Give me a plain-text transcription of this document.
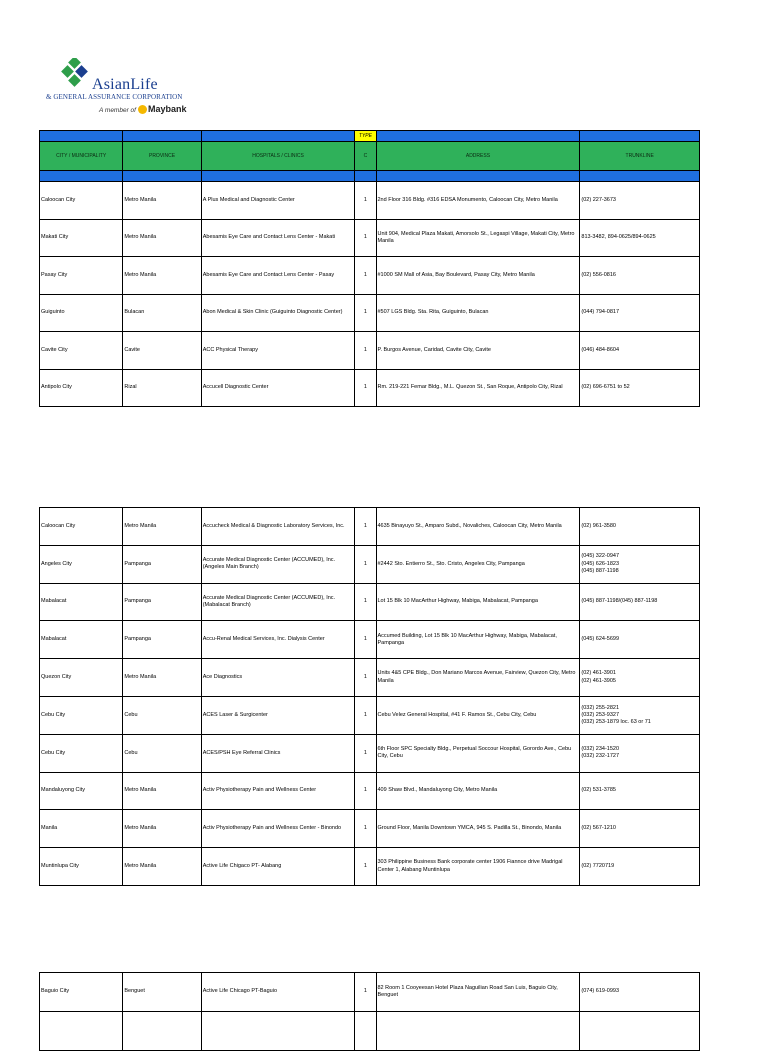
AsianLife
& GENERAL ASSURANCE CORPORATION
A member of	Maybank
			TYPE		
CITY / MUNICIPALITY	PROVINCE	HOSPITALS / CLINICS	C	ADDRESS	TRUNKLINE

Caloocan City	Metro Manila	A Plus Medical and Diagnostic Center	1	2nd Floor 316 Bldg. #316 EDSA Monumento, Caloocan City, Metro Manila	(02) 227-3673
Makati City	Metro Manila	Abesamis Eye Care and Contact Lens Center - Makati	1	Unit 904, Medical Plaza Makati, Amorsolo St., Legaspi Village, Makati City, Metro Manila	813-3482, 894-0625/894-0625
Pasay City	Metro Manila	Abesamis Eye Care and Contact Lens Center - Pasay	1	#1000 SM Mall of Asia, Bay Boulevard, Pasay City, Metro Manila	(02) 556-0816
Guiguinto	Bulacan	Abon Medical & Skin Clinic (Guiguinto Diagnostic Center)	1	#507 LGS Bldg. Sta. Rita, Guiguinto, Bulacan	(044) 794-0817
Cavite City	Cavite	ACC Physical Therapy	1	P. Burgos Avenue, Caridad, Cavite City, Cavite	(046) 484-8604
Antipolo City	Rizal	Accucell Diagnostic Center	1	Rm. 219-221 Femar Bldg., M.L. Quezon St., San Roque, Antipolo City, Rizal	(02) 696-6751 to 52
Caloocan City	Metro Manila	Accucheck Medical & Diagnostic Laboratory Services, Inc.	1	4635 Binayuyo St., Amparo Subd., Novaliches, Caloocan City, Metro Manila	(02) 961-3580
Angeles City	Pampanga	Accurate Medical Diagnostic Center (ACCUMED), Inc. (Angeles Main Branch)	1	#2442 Sto. Entierro St., Sto. Cristo, Angeles City, Pampanga	(045) 322-0947
(045) 626-1823
(045) 887-1198
Mabalacat	Pampanga	Accurate Medical Diagnostic Center (ACCUMED), Inc. (Mabalacat Branch)	1	Lot 15 Blk 10 MacArthur Highway, Mabiga, Mabalacat, Pampanga	(045) 887-1198/(045) 887-1198
Mabalacat	Pampanga	Accu-Renal Medical Services, Inc. Dialysis Center	1	Accumed Building, Lot 15 Blk 10 MacArthur Highway, Mabiga, Mabalacat, Pampanga	(045) 624-5699
Quezon City	Metro Manila	Ace Diagnostics	1	Units 4&5 CPE Bldg., Don Mariano Marcos Avenue, Fairview, Quezon City, Metro Manila	(02) 461-3901
(02) 461-3905
Cebu City	Cebu	ACES Laser & Surgicenter	1	Cebu Velez General Hospital, #41 F. Ramos St., Cebu City, Cebu	(032) 255-2821
(032) 253-9327
(032) 253-1879 loc. 63 or 71
Cebu City	Cebu	ACES/PSH Eye Referral Clinics	1	6th Floor SPC Specialty Bldg., Perpetual Soccour Hospital, Gorordo Ave., Cebu City, Cebu	(032) 234-1520
(032) 232-1727
Mandaluyong City	Metro Manila	Activ Physiotherapy Pain and Wellness Center	1	409 Shaw Blvd., Mandaluyong City, Metro Manila	(02) 531-3785
Manila	Metro Manila	Activ Physiotherapy Pain and Wellness Center - Binondo	1	Ground Floor, Manila Downtown YMCA, 945 S. Padilla St., Binondo, Manila	(02) 567-1210
Muntinlupa City	Metro Manila	Active Life Chigaco PT- Alabang	1	303 Philippine Business Bank corporate center 1906 Fiannce drive Madrigal Center 1, Alabang Muntinlupa	(02) 7720719
Baguio City	Benguet	Active Life Chicago PT-Baguio	1	82 Room 1 Cooyeesan Hotel Plaza Naguilian Road San Luis, Baguio City, Benguet	(074) 619-0993
